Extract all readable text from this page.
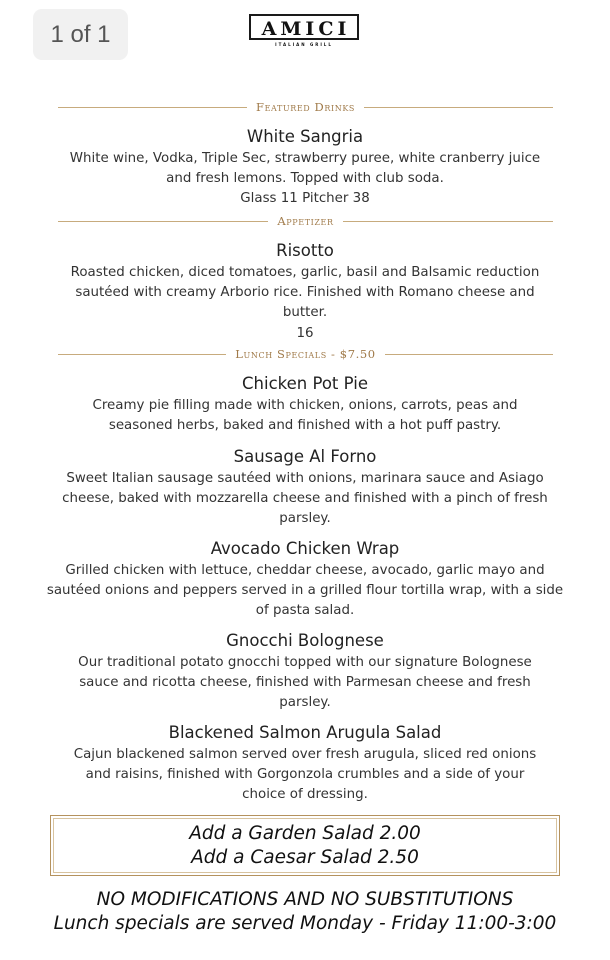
1 of 1	AMICI
ITALIAN GRILL
Featured Drinks
White Sangria
White wine, Vodka, Triple Sec, strawberry puree, white cranberry juice and fresh lemons. Topped with club soda.
Glass 11 Pitcher 38
Appetizer
Risotto
Roasted chicken, diced tomatoes, garlic, basil and Balsamic reduction sautéed with creamy Arborio rice. Finished with Romano cheese and butter.
16
Lunch Specials - $7.50
Chicken Pot Pie
Creamy pie filling made with chicken, onions, carrots, peas and seasoned herbs, baked and finished with a hot puff pastry.
Sausage Al Forno
Sweet Italian sausage sautéed with onions, marinara sauce and Asiago cheese, baked with mozzarella cheese and finished with a pinch of fresh parsley.
Avocado Chicken Wrap
Grilled chicken with lettuce, cheddar cheese, avocado, garlic mayo and sautéed onions and peppers served in a grilled flour tortilla wrap, with a side of pasta salad.
Gnocchi Bolognese
Our traditional potato gnocchi topped with our signature Bolognese sauce and ricotta cheese, finished with Parmesan cheese and fresh parsley.
Blackened Salmon Arugula Salad
Cajun blackened salmon served over fresh arugula, sliced red onions and raisins, finished with Gorgonzola crumbles and a side of your choice of dressing.
Add a Garden Salad 2.00
Add a Caesar Salad 2.50
NO MODIFICATIONS AND NO SUBSTITUTIONS
Lunch specials are served Monday - Friday 11:00-3:00
